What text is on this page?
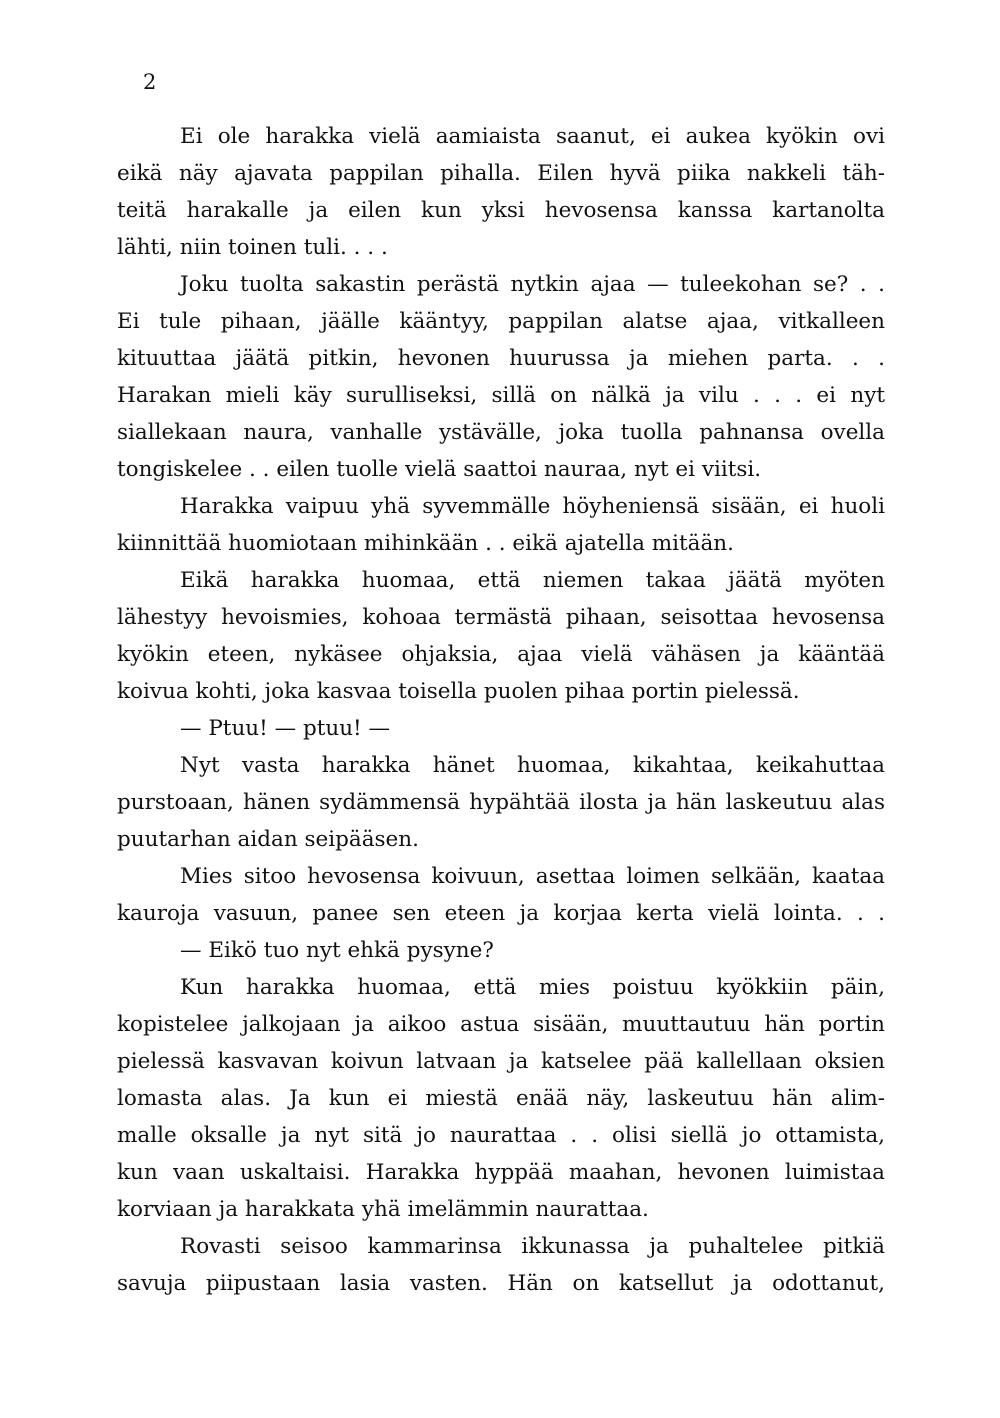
2
Ei ole harakka vielä aamiaista saanut, ei aukea kyökin ovi
eikä näy ajavata pappilan pihalla. Eilen hyvä piika nakkeli täh-
teitä harakalle ja eilen kun yksi hevosensa kanssa kartanolta
lähti, niin toinen tuli. . . .
Joku tuolta sakastin perästä nytkin ajaa — tuleekohan se? . .
Ei tule pihaan, jäälle kääntyy, pappilan alatse ajaa, vitkalleen
kituuttaa jäätä pitkin, hevonen huurussa ja miehen parta. . .
Harakan mieli käy surulliseksi, sillä on nälkä ja vilu . . . ei nyt
siallekaan naura, vanhalle ystävälle, joka tuolla pahnansa ovella
tongiskelee . . eilen tuolle vielä saattoi nauraa, nyt ei viitsi.
Harakka vaipuu yhä syvemmälle höyheniensä sisään, ei huoli
kiinnittää huomiotaan mihinkään . . eikä ajatella mitään.
Eikä harakka huomaa, että niemen takaa jäätä myöten
lähestyy hevoismies, kohoaa termästä pihaan, seisottaa hevosensa
kyökin eteen, nykäsee ohjaksia, ajaa vielä vähäsen ja kääntää
koivua kohti, joka kasvaa toisella puolen pihaa portin pielessä.
— Ptuu! — ptuu! —
Nyt vasta harakka hänet huomaa, kikahtaa, keikahuttaa
purstoaan, hänen sydämmensä hypähtää ilosta ja hän laskeutuu alas
puutarhan aidan seipääsen.
Mies sitoo hevosensa koivuun, asettaa loimen selkään, kaataa
kauroja vasuun, panee sen eteen ja korjaa kerta vielä lointa. . .
— Eikö tuo nyt ehkä pysyne?
Kun harakka huomaa, että mies poistuu kyökkiin päin,
kopistelee jalkojaan ja aikoo astua sisään, muuttautuu hän portin
pielessä kasvavan koivun latvaan ja katselee pää kallellaan oksien
lomasta alas. Ja kun ei miestä enää näy, laskeutuu hän alim-
malle oksalle ja nyt sitä jo naurattaa . . olisi siellä jo ottamista,
kun vaan uskaltaisi. Harakka hyppää maahan, hevonen luimistaa
korviaan ja harakkata yhä imelämmin naurattaa.
Rovasti seisoo kammarinsa ikkunassa ja puhaltelee pitkiä
savuja piipustaan lasia vasten. Hän on katsellut ja odottanut,
